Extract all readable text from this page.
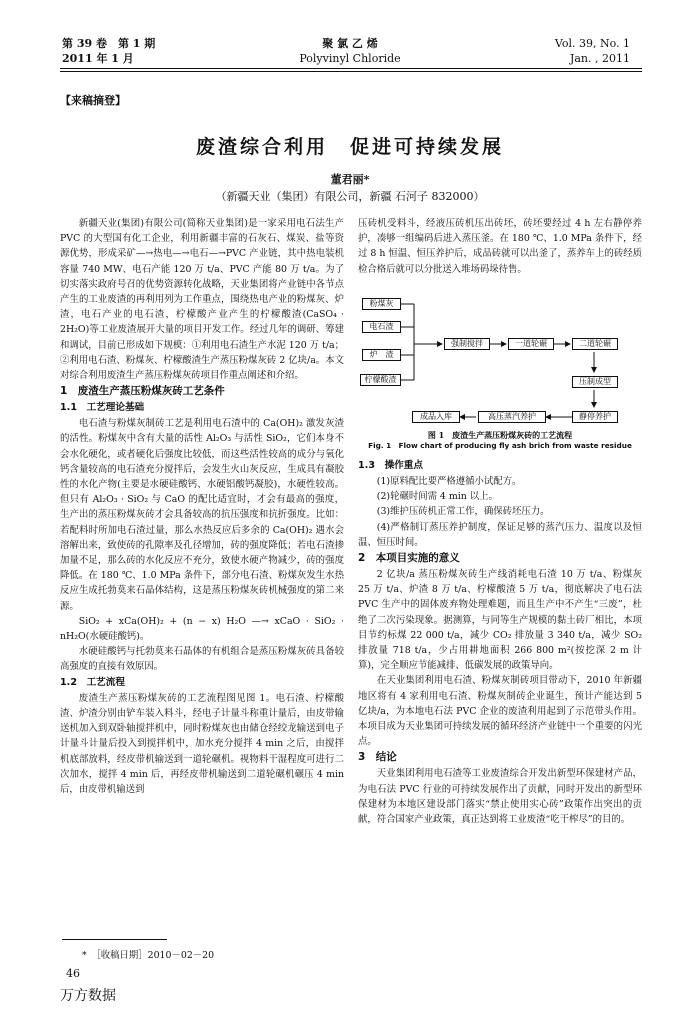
第 39 卷　第 1 期
2011 年 1 月
聚 氯 乙 烯
Polyvinyl Chloride
Vol. 39, No. 1
Jan. , 2011
【来稿摘登】
废渣综合利用　促进可持续发展
董君丽*
（新疆天业（集团）有限公司，新疆 石河子 832000）

新疆天业(集团)有限公司(简称天业集团)是一家采用电石法生产 PVC 的大型国有化工企业，利用新疆丰富的石灰石、煤炭、盐等资源优势，形成采矿—→热电—→电石—→PVC 产业链，其中热电装机容量 740 MW、电石产能 120 万 t/a、PVC 产能 80 万 t/a。为了切实落实政府号召的优势资源转化战略，天业集团将产业链中各节点产生的工业废渣的再利用列为工作重点，围绕热电产业的粉煤灰、炉渣，电石产业的电石渣，柠檬酸产业产生的柠檬酸渣(CaSO₄ · 2H₂O)等工业废渣展开大量的项目开发工作。经过几年的调研、筹建和调试，目前已形成如下规模：①利用电石渣生产水泥 120 万 t/a；②利用电石渣、粉煤灰、柠檬酸渣生产蒸压粉煤灰砖 2 亿块/a。本文对综合利用废渣生产蒸压粉煤灰砖项目作重点阐述和介绍。

1　废渣生产蒸压粉煤灰砖工艺条件
1.1　工艺理论基础

电石渣与粉煤灰制砖工艺是利用电石渣中的 Ca(OH)₂ 激发灰渣的活性。粉煤灰中含有大量的活性 Al₂O₃ 与活性 SiO₂，它们本身不会水化硬化，或者硬化后强度比较低，而这些活性较高的成分与氧化钙含量较高的电石渣充分搅拌后，会发生火山灰反应，生成具有凝胶性的水化产物(主要是水硬硅酸钙、水硬铝酸钙凝胶)，水硬性较高。但只有 Al₂O₃ · SiO₂ 与 CaO 的配比适宜时，才会有最高的强度，生产出的蒸压粉煤灰砖才会具备较高的抗压强度和抗折强度。比如：若配料时所加电石渣过量，那么水热反应后多余的 Ca(OH)₂ 遇水会溶解出来，致使砖的孔隙率及孔径增加，砖的强度降低；若电石渣掺加量不足，那么砖的水化反应不充分，致使水硬产物减少，砖的强度降低。在 180 ℃、1.0 MPa 条件下，部分电石渣、粉煤灰发生水热反应生成托勃莫来石晶体结构，这是蒸压粉煤灰砖机械强度的第二来源。

SiO₂ + xCa(OH)₂ + (n − x) H₂O —→ xCaO · SiO₂ · nH₂O(水硬硅酸钙)。

水硬硅酸钙与托勃莫来石晶体的有机组合是蒸压粉煤灰砖具备较高强度的直接有效原因。

1.2　工艺流程

废渣生产蒸压粉煤灰砖的工艺流程图见图 1。电石渣、柠檬酸渣、炉渣分别由铲车装入料斗，经电子计量斗称重计量后，由皮带输送机加入到双卧轴搅拌机中，同时粉煤灰也由储仓经绞龙输送到电子计量斗计量后投入到搅拌机中，加水充分搅拌 4 min 之后，由搅拌机底部放料，经皮带机输送到一道轮碾机。视物料干湿程度可进行二次加水，搅拌 4 min 后，再经皮带机输送到二道轮碾机碾压 4 min 后，由皮带机输送到

压砖机受料斗，经液压砖机压出砖坯，砖坯要经过 4 h 左右静停养护，凑够一组编码后进入蒸压釜。在 180 ℃、1.0 MPa 条件下，经过 8 h 恒温、恒压养护后，成品砖就可以出釜了，蒸养车上的砖经质检合格后就可以分批送入堆场码垛待售。

粉煤灰
电石渣
炉　渣
柠檬酸渣
强制搅拌	一道轮碾	二道轮碾
压制成型
静停养护
高压蒸汽养护
成品入库
图 1　废渣生产蒸压粉煤灰砖的工艺流程
Fig. 1　Flow chart of producing fly ash brich from waste residue
1.3　操作重点

(1)原料配比要严格遵循小试配方。

(2)轮碾时间需 4 min 以上。

(3)维护压砖机正常工作，确保砖坯压力。

(4)严格制订蒸压养护制度，保证足够的蒸汽压力、温度以及恒温、恒压时间。

2　本项目实施的意义

2 亿块/a 蒸压粉煤灰砖生产线消耗电石渣 10 万 t/a、粉煤灰 25 万 t/a、炉渣 8 万 t/a、柠檬酸渣 5 万 t/a，彻底解决了电石法 PVC 生产中的固体废弃物处理难题，而且生产中不产生“三废”，杜绝了二次污染现象。据测算，与同等生产规模的黏土砖厂相比，本项目节约标煤 22 000 t/a，减少 CO₂ 排放量 3 340 t/a，减少 SO₂ 排放量 718 t/a，少占用耕地面积 266 800 m²(按挖深 2 m 计算)，完全顺应节能减排、低碳发展的政策导向。

在天业集团利用电石渣、粉煤灰制砖项目带动下，2010 年新疆地区将有 4 家利用电石渣、粉煤灰制砖企业诞生，预计产能达到 5 亿块/a，为本地电石法 PVC 企业的废渣利用起到了示范带头作用。本项目成为天业集团可持续发展的循环经济产业链中一个重要的闪光点。

3　结论

天业集团利用电石渣等工业废渣综合开发出新型环保建材产品，为电石法 PVC 行业的可持续发展作出了贡献，同时开发出的新型环保建材为本地区建设部门落实“禁止使用实心砖”政策作出突出的贡献，符合国家产业政策，真正达到将工业废渣“吃干榨尽”的目的。

*　［收稿日期］2010－02－20
46
万方数据
